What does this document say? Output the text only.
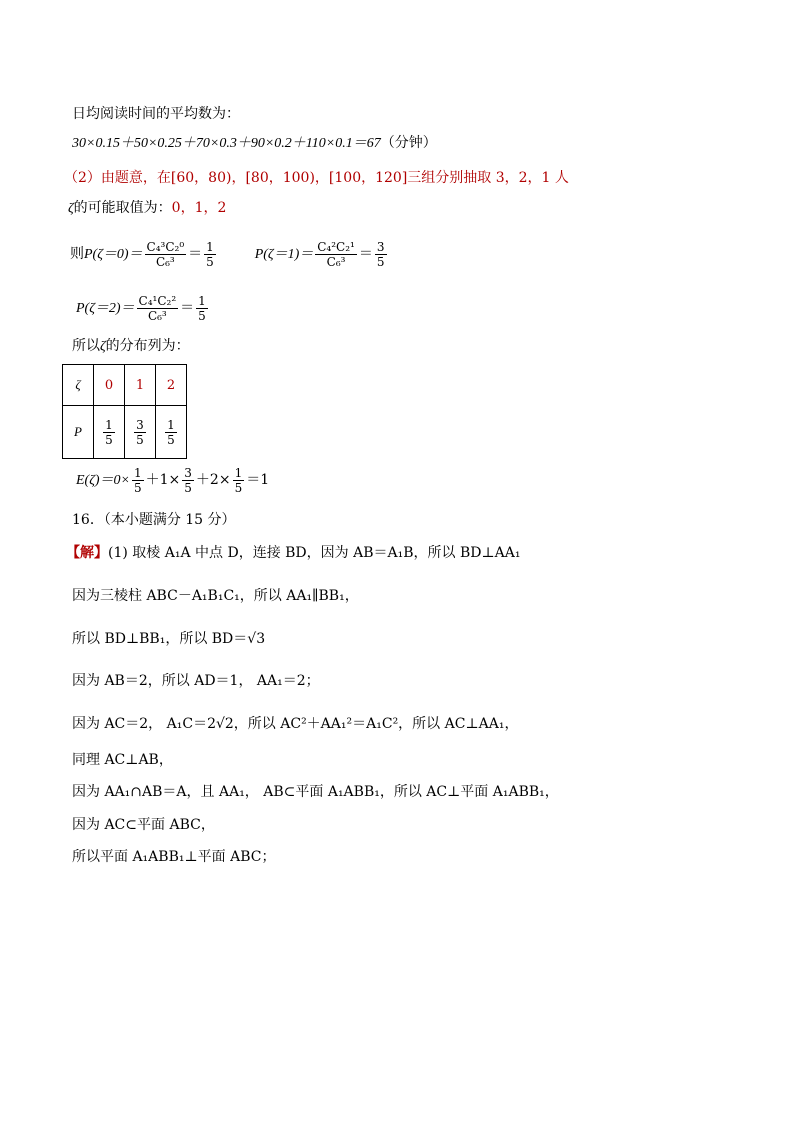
日均阅读时间的平均数为：
30×0.15＋50×0.25＋70×0.3＋90×0.2＋110×0.1＝67（分钟）
（2）由题意，在[60，80)，[80，100)，[100，120]三组分别抽取 3，2，1 人
ζ的可能取值为：0，1，2
则$P(\zeta=0)= \frac{\text{C₄³C₂⁰}}{\text{C₆³}} = \frac{1}{5}$	$P(\zeta=1)= \frac{\text{C₄²C₂¹}}{\text{C₆³}} = \frac{3}{5}$
$P(\zeta=2)= \frac{\text{C₄¹C₂²}}{\text{C₆³}} = \frac{1}{5}$
所以ζ的分布列为：
ζ	0	1	2
P	$\frac{1}{5}$	$\frac{3}{5}$	$\frac{1}{5}$
$E(\zeta)=0\times \frac{1}{5} +1\times \frac{3}{5} +2\times \frac{1}{5} =1$
16．（本小题满分 15 分）
【解】(1) 取棱 A₁A 中点 D，连接 BD，因为 AB＝A₁B，所以 BD⊥AA₁
因为三棱柱 ABC－A₁B₁C₁，所以 AA₁∥BB₁，
所以 BD⊥BB₁，所以 BD＝√3
因为 AB＝2，所以 AD＝1， AA₁＝2；
因为 AC＝2， A₁C＝2√2，所以 AC²＋AA₁²＝A₁C²，所以 AC⊥AA₁，
同理 AC⊥AB，
因为 AA₁∩AB＝A，且 AA₁， AB⊂平面 A₁ABB₁，所以 AC⊥平面 A₁ABB₁，
因为 AC⊂平面 ABC，
所以平面 A₁ABB₁⊥平面 ABC；
